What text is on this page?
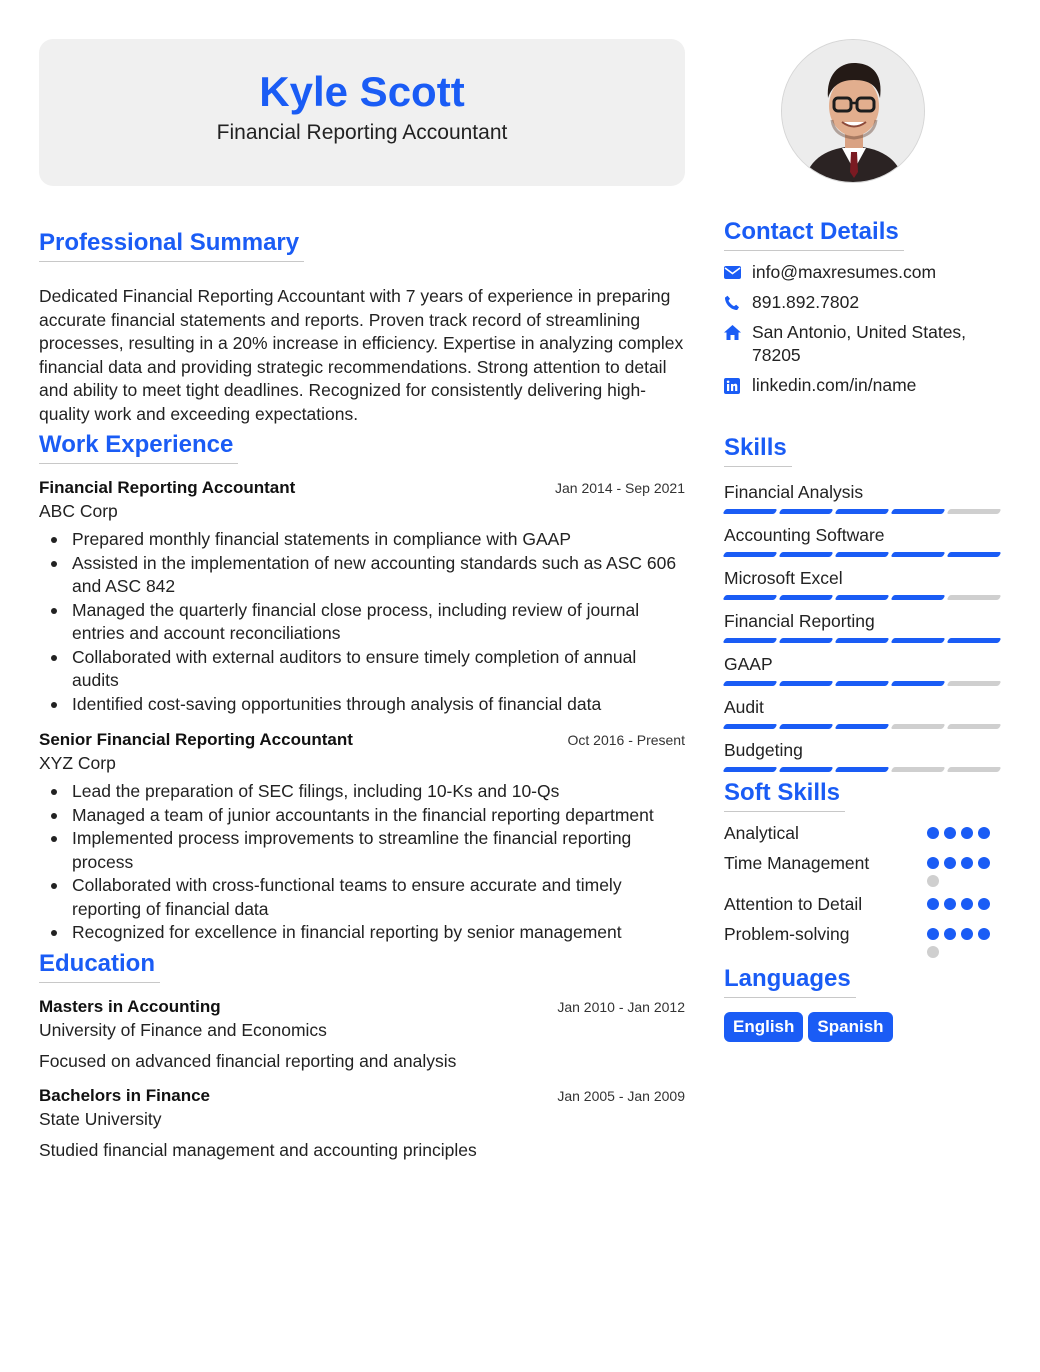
Kyle Scott
Financial Reporting Accountant
Professional Summary

Dedicated Financial Reporting Accountant with 7 years of experience in preparing accurate financial statements and reports. Proven track record of streamlining processes, resulting in a 20% increase in efficiency. Expertise in analyzing complex financial data and providing strategic recommendations. Strong attention to detail and ability to meet tight deadlines. Recognized for consistently delivering high-quality work and exceeding expectations.

Work Experience
Financial Reporting Accountant	Jan 2014 - Sep 2021
ABC Corp
Prepared monthly financial statements in compliance with GAAP
Assisted in the implementation of new accounting standards such as ASC 606 and ASC 842
Managed the quarterly financial close process, including review of journal entries and account reconciliations
Collaborated with external auditors to ensure timely completion of annual audits
Identified cost-saving opportunities through analysis of financial data
Senior Financial Reporting Accountant	Oct 2016 - Present
XYZ Corp
Lead the preparation of SEC filings, including 10-Ks and 10-Qs
Managed a team of junior accountants in the financial reporting department
Implemented process improvements to streamline the financial reporting process
Collaborated with cross-functional teams to ensure accurate and timely reporting of financial data
Recognized for excellence in financial reporting by senior management
Education
Masters in Accounting	Jan 2010 - Jan 2012
University of Finance and Economics
Focused on advanced financial reporting and analysis
Bachelors in Finance	Jan 2005 - Jan 2009
State University
Studied financial management and accounting principles
Contact Details
info@maxresumes.com
891.892.7802
San Antonio, United States,
78205
linkedin.com/in/name
Skills
Financial Analysis
Accounting Software
Microsoft Excel
Financial Reporting
GAAP
Audit
Budgeting
Soft Skills
Analytical
Time Management
Attention to Detail
Problem-solving
Languages
English	Spanish
